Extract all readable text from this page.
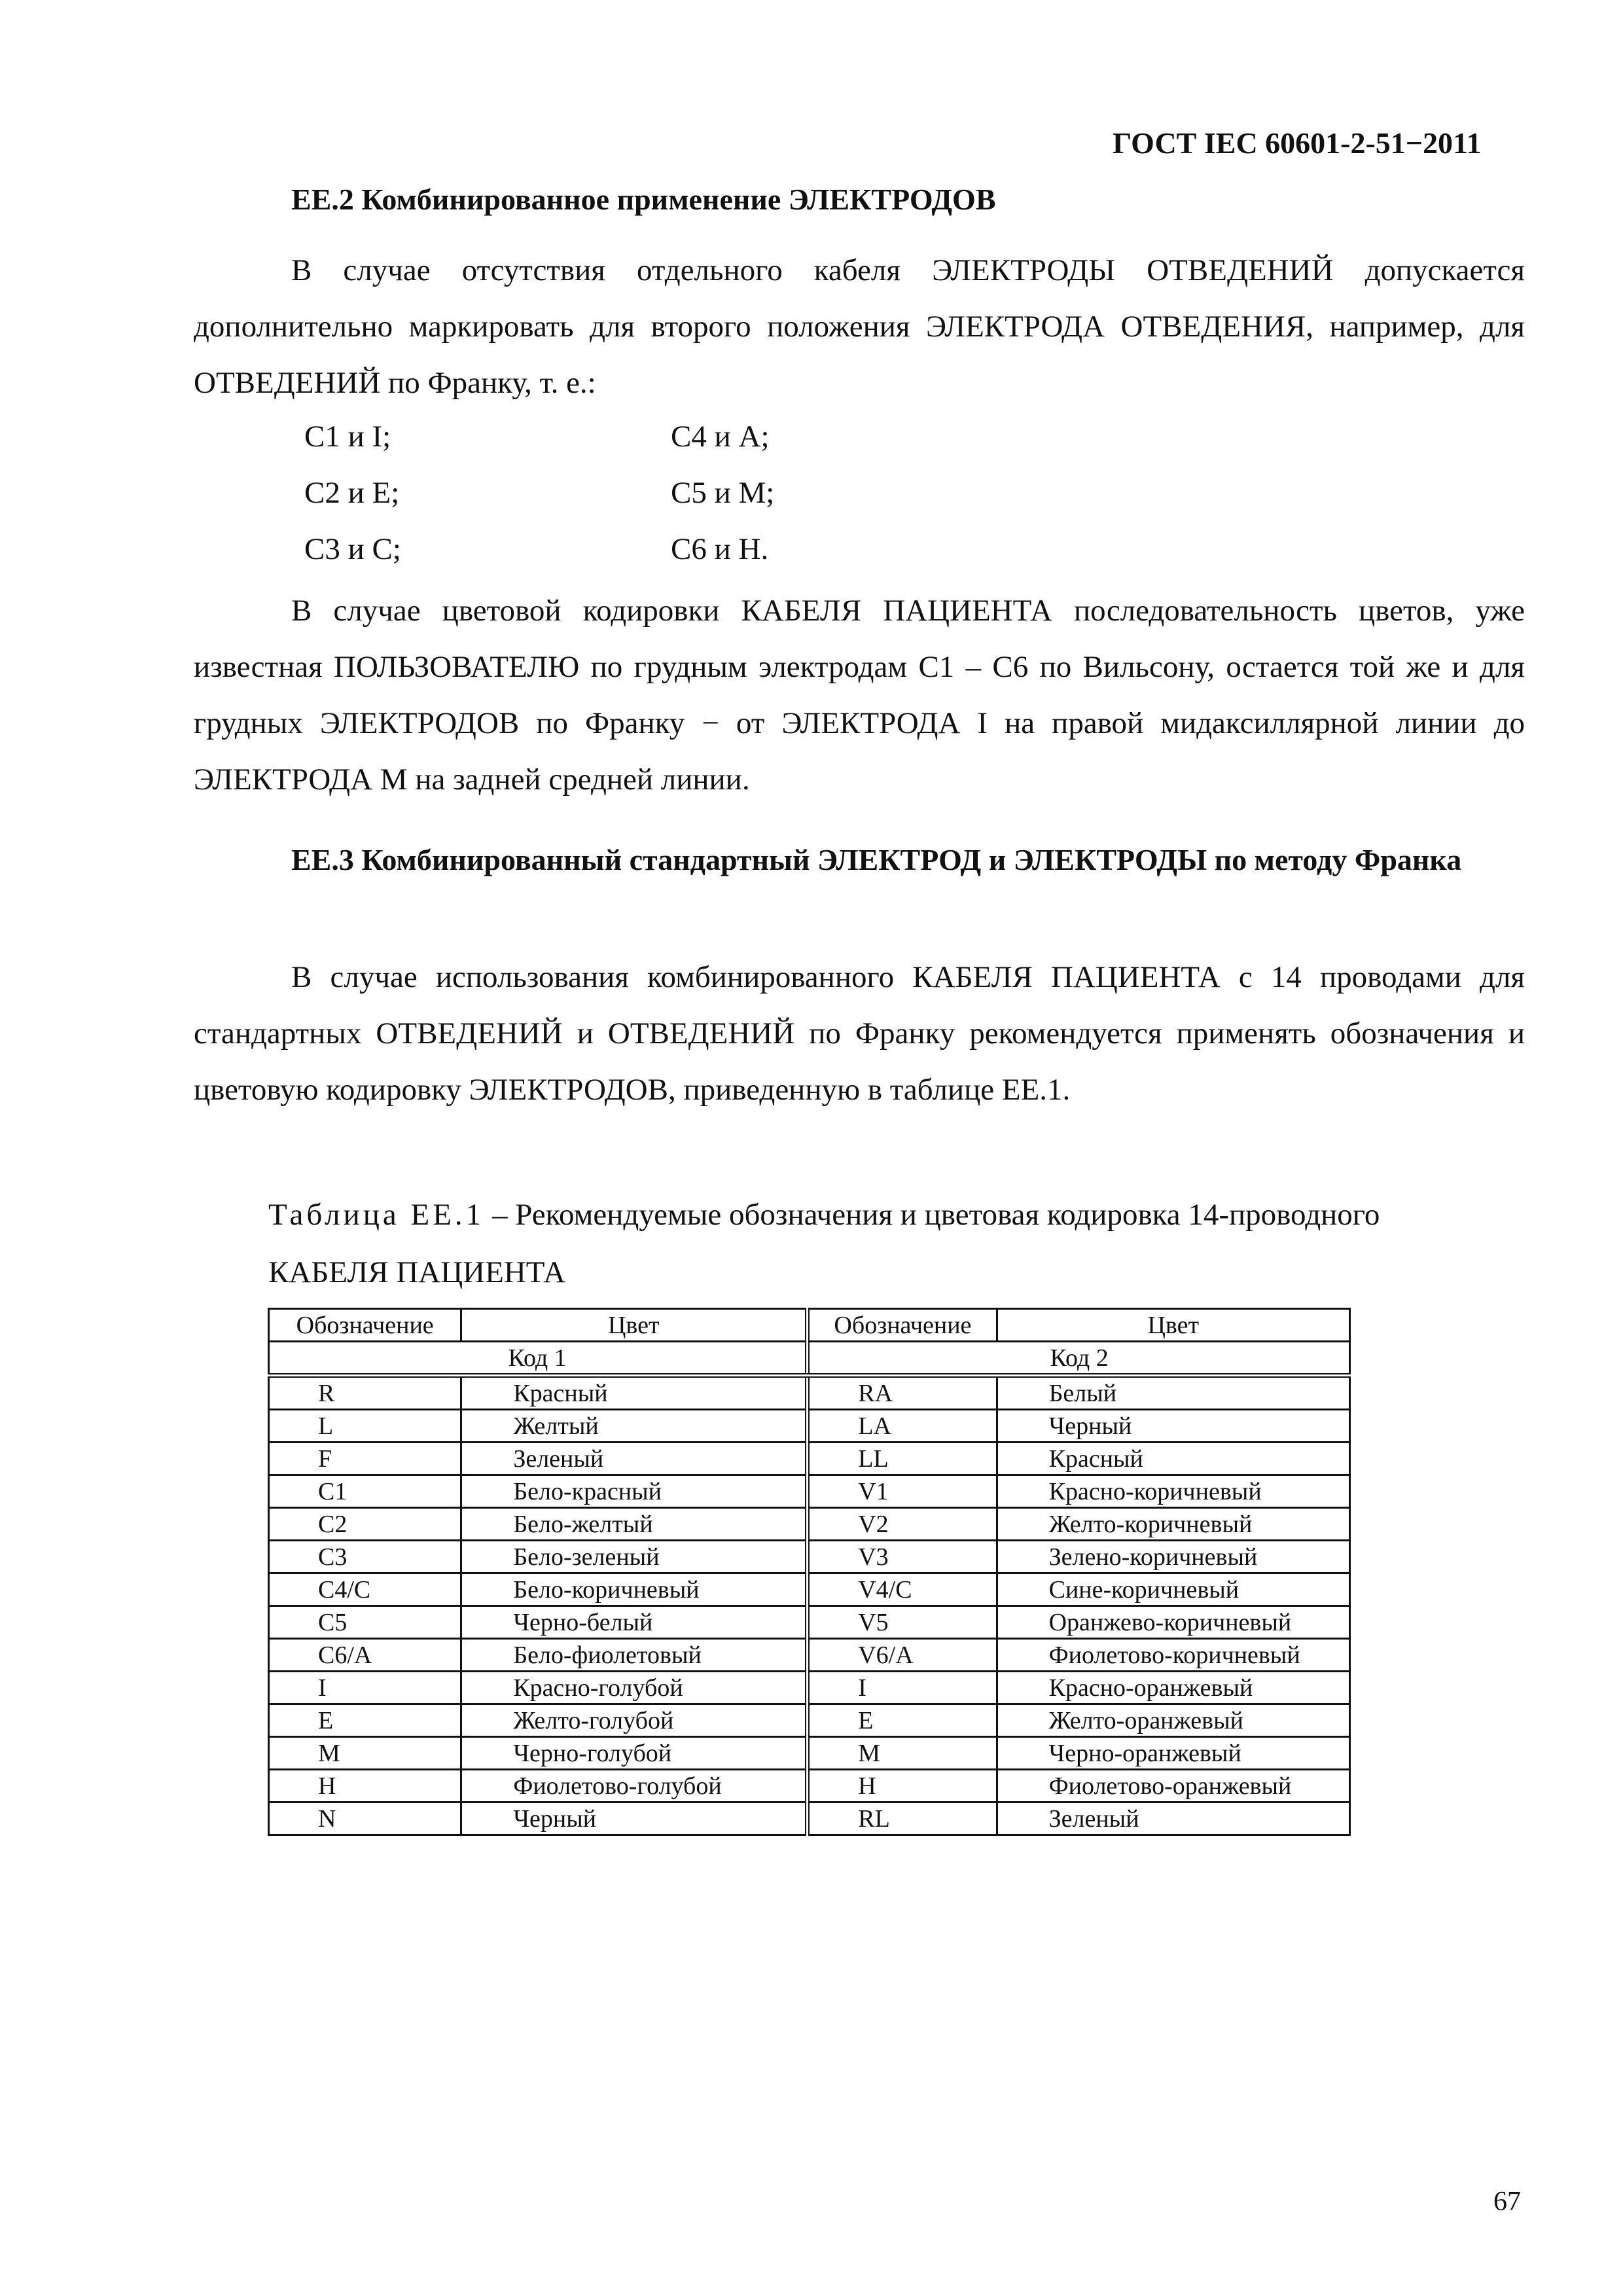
ГОСТ IEC 60601-2-51−2011
ЕЕ.2 Комбинированное применение ЭЛЕКТРОДОВ
В случае отсутствия отдельного кабеля ЭЛЕКТРОДЫ ОТВЕДЕНИЙ допускается дополнительно маркировать для второго положения ЭЛЕКТРОДА ОТВЕДЕНИЯ, например, для ОТВЕДЕНИЙ по Франку, т. е.:
С1 и I;	С4 и А;
С2 и Е;	С5 и М;
С3 и С;	С6 и Н.
В случае цветовой кодировки КАБЕЛЯ ПАЦИЕНТА последовательность цветов, уже известная ПОЛЬЗОВАТЕЛЮ по грудным электродам С1 – С6 по Вильсону, остается той же и для грудных ЭЛЕКТРОДОВ по Франку − от ЭЛЕКТРОДА I на правой мидаксиллярной линии до ЭЛЕКТРОДА М на задней средней линии.
ЕЕ.3 Комбинированный стандартный ЭЛЕКТРОД и ЭЛЕКТРОДЫ по методу Франка
В случае использования комбинированного КАБЕЛЯ ПАЦИЕНТА с 14 проводами для стандартных ОТВЕДЕНИЙ и ОТВЕДЕНИЙ по Франку рекомендуется применять обозначения и цветовую кодировку ЭЛЕКТРОДОВ, приведенную в таблице ЕЕ.1.
Таблица ЕЕ.1 – Рекомендуемые обозначения и цветовая кодировка 14-проводного КАБЕЛЯ ПАЦИЕНТА
Обозначение	Цвет	Обозначение	Цвет
Код 1		Код 2	
R	Красный	RA	Белый
L	Желтый	LA	Черный
F	Зеленый	LL	Красный
C1	Бело-красный	V1	Красно-коричневый
C2	Бело-желтый	V2	Желто-коричневый
C3	Бело-зеленый	V3	Зелено-коричневый
C4/C	Бело-коричневый	V4/C	Сине-коричневый
C5	Черно-белый	V5	Оранжево-коричневый
C6/A	Бело-фиолетовый	V6/A	Фиолетово-коричневый
I	Красно-голубой	I	Красно-оранжевый
E	Желто-голубой	E	Желто-оранжевый
M	Черно-голубой	M	Черно-оранжевый
H	Фиолетово-голубой	H	Фиолетово-оранжевый
N	Черный	RL	Зеленый
67
